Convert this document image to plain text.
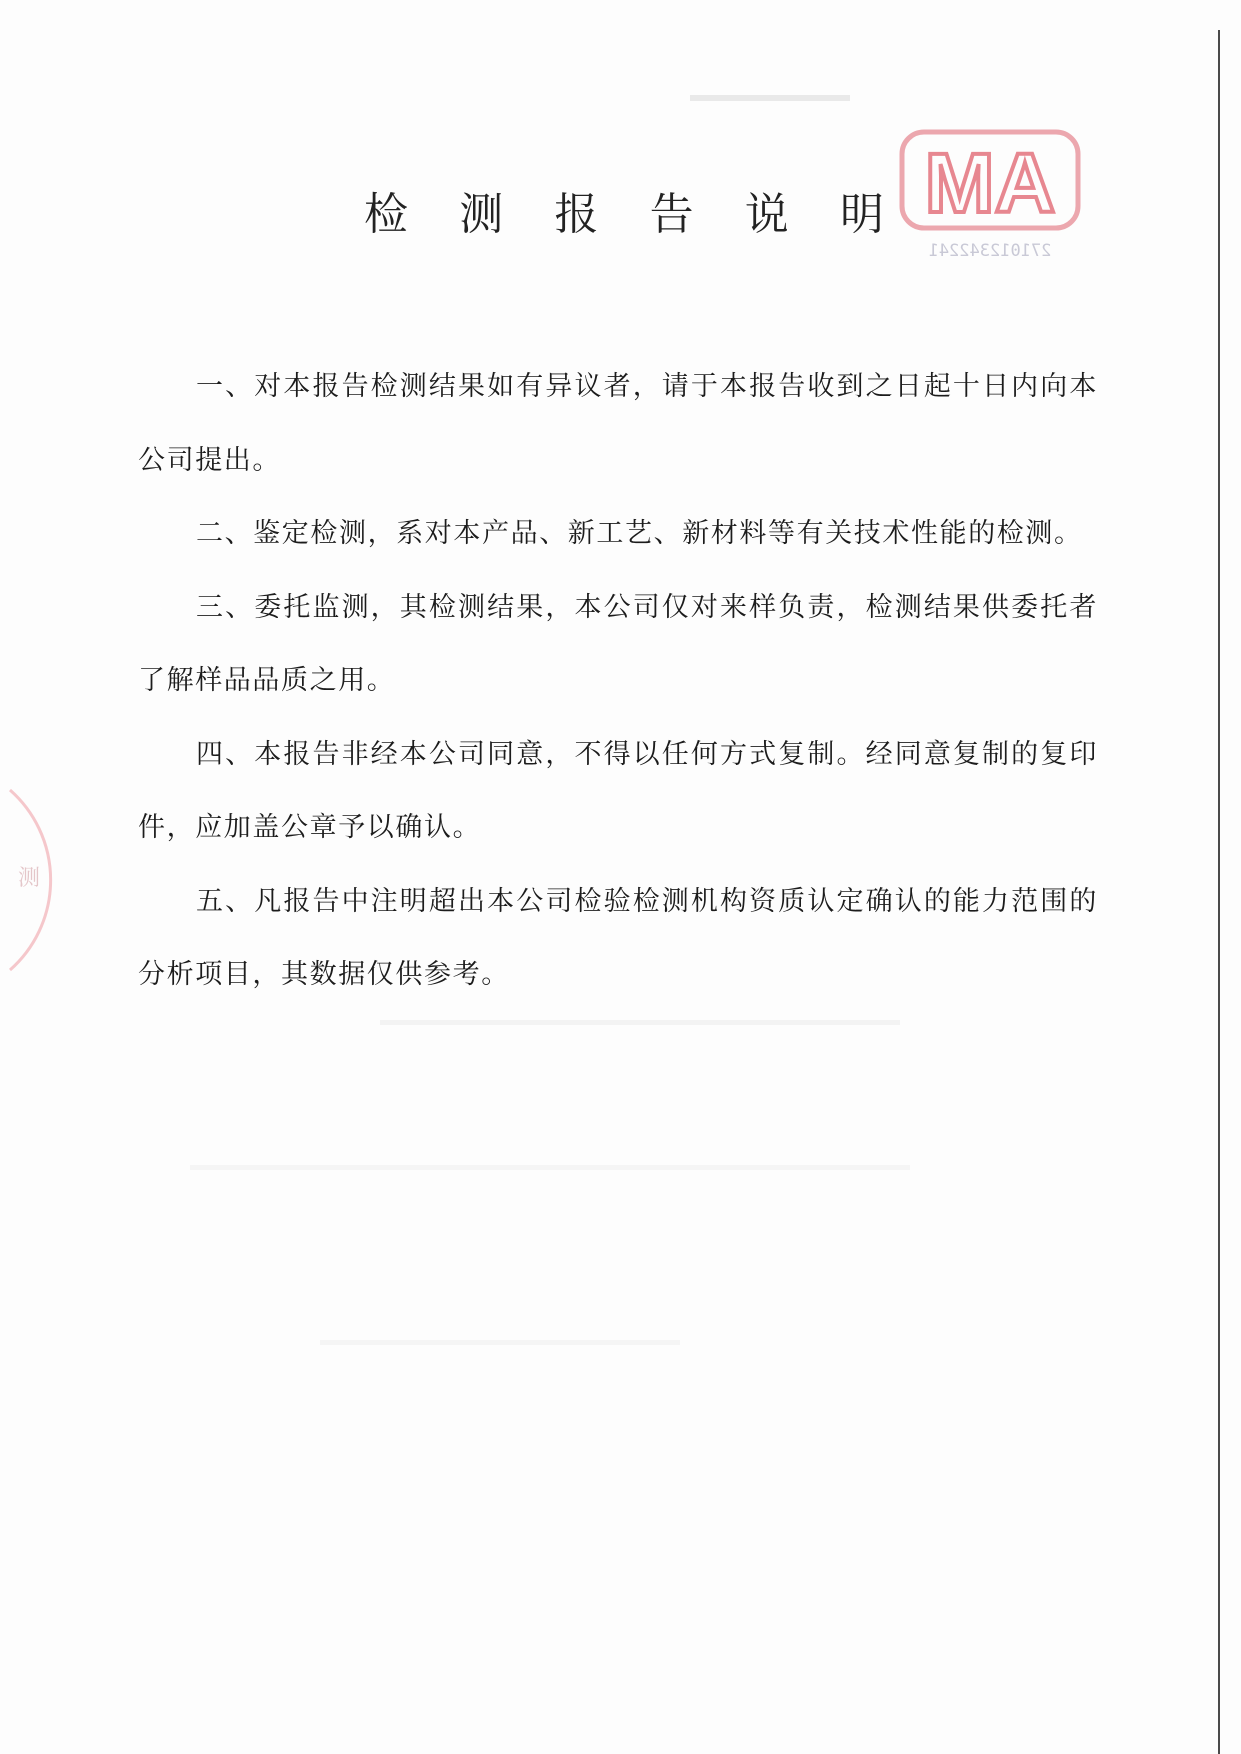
MA
271012342241
测
检 测 报 告 说 明

一、对本报告检测结果如有异议者，请于本报告收到之日起十日内向本公司提出。

二、鉴定检测，系对本产品、新工艺、新材料等有关技术性能的检测。

三、委托监测，其检测结果，本公司仅对来样负责，检测结果供委托者了解样品品质之用。

四、本报告非经本公司同意，不得以任何方式复制。经同意复制的复印件，应加盖公章予以确认。

五、凡报告中注明超出本公司检验检测机构资质认定确认的能力范围的分析项目，其数据仅供参考。
